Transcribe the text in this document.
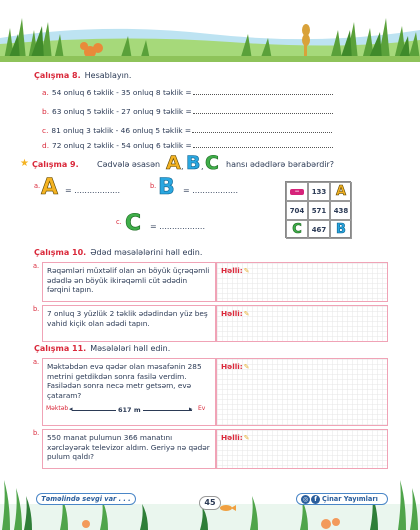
Çalışma 8. Hesablayın.
a. 54 onluq 6 təklik - 35 onluq 8 təklik =
b. 63 onluq 5 təklik - 27 onluq 9 təklik =
c. 81 onluq 3 təklik - 46 onluq 5 təklik =
d. 72 onluq 2 təklik - 54 onluq 6 təklik =
★ Çalışma 9. Cədvələ əsasən A , B , C hansı ədədlərə bərabərdir?
a. A = ..................	b. B = ..................
c. C = ..................
−	133 A
704	571	438
C	467 B
Çalışma 10. Ədəd məsələlərini həll edin.
a.	Rəqəmləri müxtəlif olan ən böyük üçrəqəmli ədədlə ən böyük ikirəqəmli cüt ədədin fərqini tapın.
Həlli:✎
b.	7 onluq 3 yüzlük 2 təklik ədədindən yüz beş vahid kiçik olan ədədi tapın.
Həlli:✎
Çalışma 11. Məsələləri həll edin.
a.	Məktəbdən evə qədər olan məsafənin 285 metrini getdikdən sonra fasilə verdim. Fasilədən sonra necə metr getsəm, evə çataram?
Məktəb ◂	▸
617 m	Ev
Həlli:✎
b.	550 manat pulumun 366 manatını xərcləyərək televizor aldım. Geriyə nə qədər pulum qaldı?
Həlli:✎
Təməlində sevgi var . . .	45	◎	f Çinar Yayımları
